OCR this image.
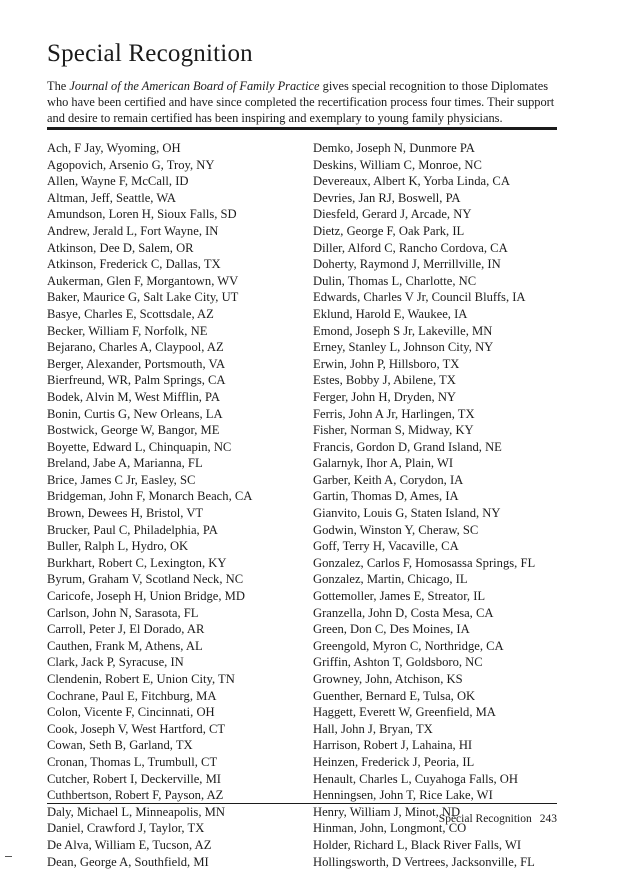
Special Recognition

The Journal of the American Board of Family Practice gives special recognition to those Diplomates who have been certified and have since completed the recertification process four times. Their support and desire to remain certified has been inspiring and exemplary to young family physicians.

Ach, F Jay, Wyoming, OH
Agopovich, Arsenio G, Troy, NY
Allen, Wayne F, McCall, ID
Altman, Jeff, Seattle, WA
Amundson, Loren H, Sioux Falls, SD
Andrew, Jerald L, Fort Wayne, IN
Atkinson, Dee D, Salem, OR
Atkinson, Frederick C, Dallas, TX
Aukerman, Glen F, Morgantown, WV
Baker, Maurice G, Salt Lake City, UT
Basye, Charles E, Scottsdale, AZ
Becker, William F, Norfolk, NE
Bejarano, Charles A, Claypool, AZ
Berger, Alexander, Portsmouth, VA
Bierfreund, WR, Palm Springs, CA
Bodek, Alvin M, West Mifflin, PA
Bonin, Curtis G, New Orleans, LA
Bostwick, George W, Bangor, ME
Boyette, Edward L, Chinquapin, NC
Breland, Jabe A, Marianna, FL
Brice, James C Jr, Easley, SC
Bridgeman, John F, Monarch Beach, CA
Brown, Dewees H, Bristol, VT
Brucker, Paul C, Philadelphia, PA
Buller, Ralph L, Hydro, OK
Burkhart, Robert C, Lexington, KY
Byrum, Graham V, Scotland Neck, NC
Caricofe, Joseph H, Union Bridge, MD
Carlson, John N, Sarasota, FL
Carroll, Peter J, El Dorado, AR
Cauthen, Frank M, Athens, AL
Clark, Jack P, Syracuse, IN
Clendenin, Robert E, Union City, TN
Cochrane, Paul E, Fitchburg, MA
Colon, Vicente F, Cincinnati, OH
Cook, Joseph V, West Hartford, CT
Cowan, Seth B, Garland, TX
Cronan, Thomas L, Trumbull, CT
Cutcher, Robert I, Deckerville, MI
Cuthbertson, Robert F, Payson, AZ
Daly, Michael L, Minneapolis, MN
Daniel, Crawford J, Taylor, TX
De Alva, William E, Tucson, AZ
Dean, George A, Southfield, MI
Demko, Joseph N, Dunmore PA
Deskins, William C, Monroe, NC
Devereaux, Albert K, Yorba Linda, CA
Devries, Jan RJ, Boswell, PA
Diesfeld, Gerard J, Arcade, NY
Dietz, George F, Oak Park, IL
Diller, Alford C, Rancho Cordova, CA
Doherty, Raymond J, Merrillville, IN
Dulin, Thomas L, Charlotte, NC
Edwards, Charles V Jr, Council Bluffs, IA
Eklund, Harold E, Waukee, IA
Emond, Joseph S Jr, Lakeville, MN
Erney, Stanley L, Johnson City, NY
Erwin, John P, Hillsboro, TX
Estes, Bobby J, Abilene, TX
Ferger, John H, Dryden, NY
Ferris, John A Jr, Harlingen, TX
Fisher, Norman S, Midway, KY
Francis, Gordon D, Grand Island, NE
Galarnyk, Ihor A, Plain, WI
Garber, Keith A, Corydon, IA
Gartin, Thomas D, Ames, IA
Gianvito, Louis G, Staten Island, NY
Godwin, Winston Y, Cheraw, SC
Goff, Terry H, Vacaville, CA
Gonzalez, Carlos F, Homosassa Springs, FL
Gonzalez, Martin, Chicago, IL
Gottemoller, James E, Streator, IL
Granzella, John D, Costa Mesa, CA
Green, Don C, Des Moines, IA
Greengold, Myron C, Northridge, CA
Griffin, Ashton T, Goldsboro, NC
Growney, John, Atchison, KS
Guenther, Bernard E, Tulsa, OK
Haggett, Everett W, Greenfield, MA
Hall, John J, Bryan, TX
Harrison, Robert J, Lahaina, HI
Heinzen, Frederick J, Peoria, IL
Henault, Charles L, Cuyahoga Falls, OH
Henningsen, John T, Rice Lake, WI
Henry, William J, Minot, ND
Hinman, John, Longmont, CO
Holder, Richard L, Black River Falls, WI
Hollingsworth, D Vertrees, Jacksonville, FL
Special Recognition 243
